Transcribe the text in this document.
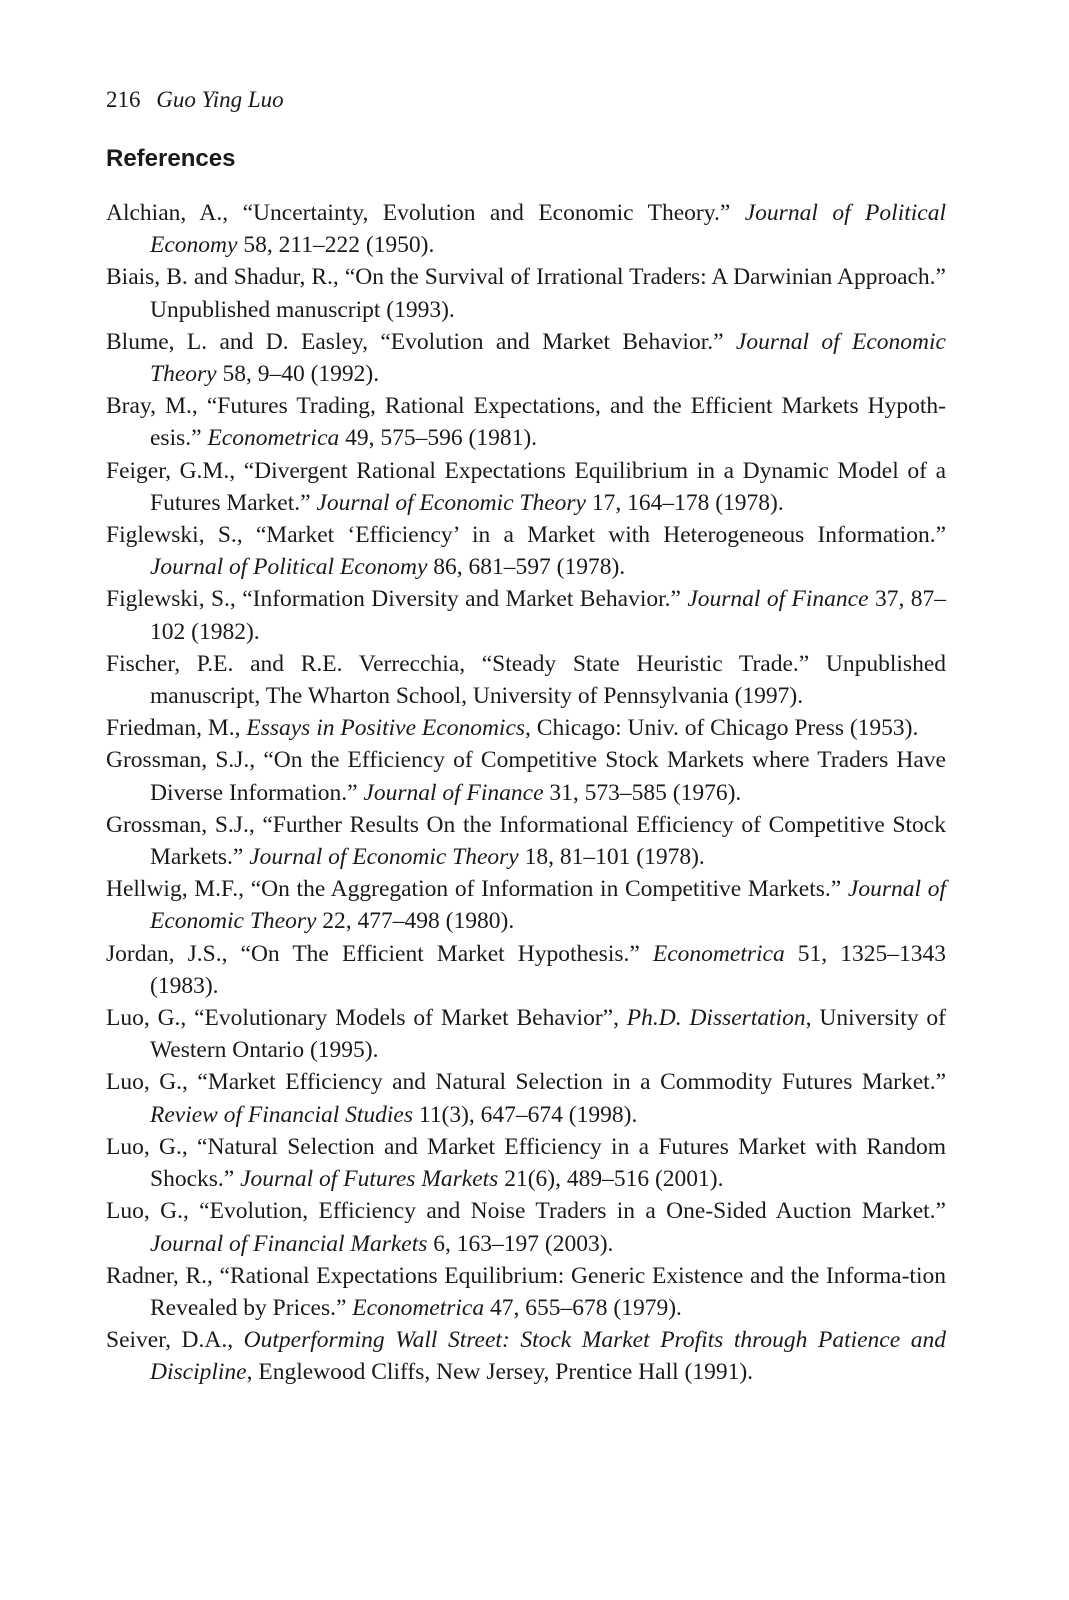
216 Guo Ying Luo

References
Alchian, A., “Uncertainty, Evolution and Economic Theory.” Journal of Political Economy 58, 211–222 (1950).
Biais, B. and Shadur, R., “On the Survival of Irrational Traders: A Darwinian Approach.” Unpublished manuscript (1993).
Blume, L. and D. Easley, “Evolution and Market Behavior.” Journal of Economic Theory 58, 9–40 (1992).
Bray, M., “Futures Trading, Rational Expectations, and the Efficient Markets Hypoth-esis.” Econometrica 49, 575–596 (1981).
Feiger, G.M., “Divergent Rational Expectations Equilibrium in a Dynamic Model of a Futures Market.” Journal of Economic Theory 17, 164–178 (1978).
Figlewski, S., “Market ‘Efficiency’ in a Market with Heterogeneous Information.” Journal of Political Economy 86, 681–597 (1978).
Figlewski, S., “Information Diversity and Market Behavior.” Journal of Finance 37, 87–102 (1982).
Fischer, P.E. and R.E. Verrecchia, “Steady State Heuristic Trade.” Unpublished manuscript, The Wharton School, University of Pennsylvania (1997).
Friedman, M., Essays in Positive Economics, Chicago: Univ. of Chicago Press (1953).
Grossman, S.J., “On the Efficiency of Competitive Stock Markets where Traders Have Diverse Information.” Journal of Finance 31, 573–585 (1976).
Grossman, S.J., “Further Results On the Informational Efficiency of Competitive Stock Markets.” Journal of Economic Theory 18, 81–101 (1978).
Hellwig, M.F., “On the Aggregation of Information in Competitive Markets.” Journal of Economic Theory 22, 477–498 (1980).
Jordan, J.S., “On The Efficient Market Hypothesis.” Econometrica 51, 1325–1343 (1983).
Luo, G., “Evolutionary Models of Market Behavior”, Ph.D. Dissertation, University of Western Ontario (1995).
Luo, G., “Market Efficiency and Natural Selection in a Commodity Futures Market.” Review of Financial Studies 11(3), 647–674 (1998).
Luo, G., “Natural Selection and Market Efficiency in a Futures Market with Random Shocks.” Journal of Futures Markets 21(6), 489–516 (2001).
Luo, G., “Evolution, Efficiency and Noise Traders in a One-Sided Auction Market.” Journal of Financial Markets 6, 163–197 (2003).
Radner, R., “Rational Expectations Equilibrium: Generic Existence and the Informa-tion Revealed by Prices.” Econometrica 47, 655–678 (1979).
Seiver, D.A., Outperforming Wall Street: Stock Market Profits through Patience and Discipline, Englewood Cliffs, New Jersey, Prentice Hall (1991).
